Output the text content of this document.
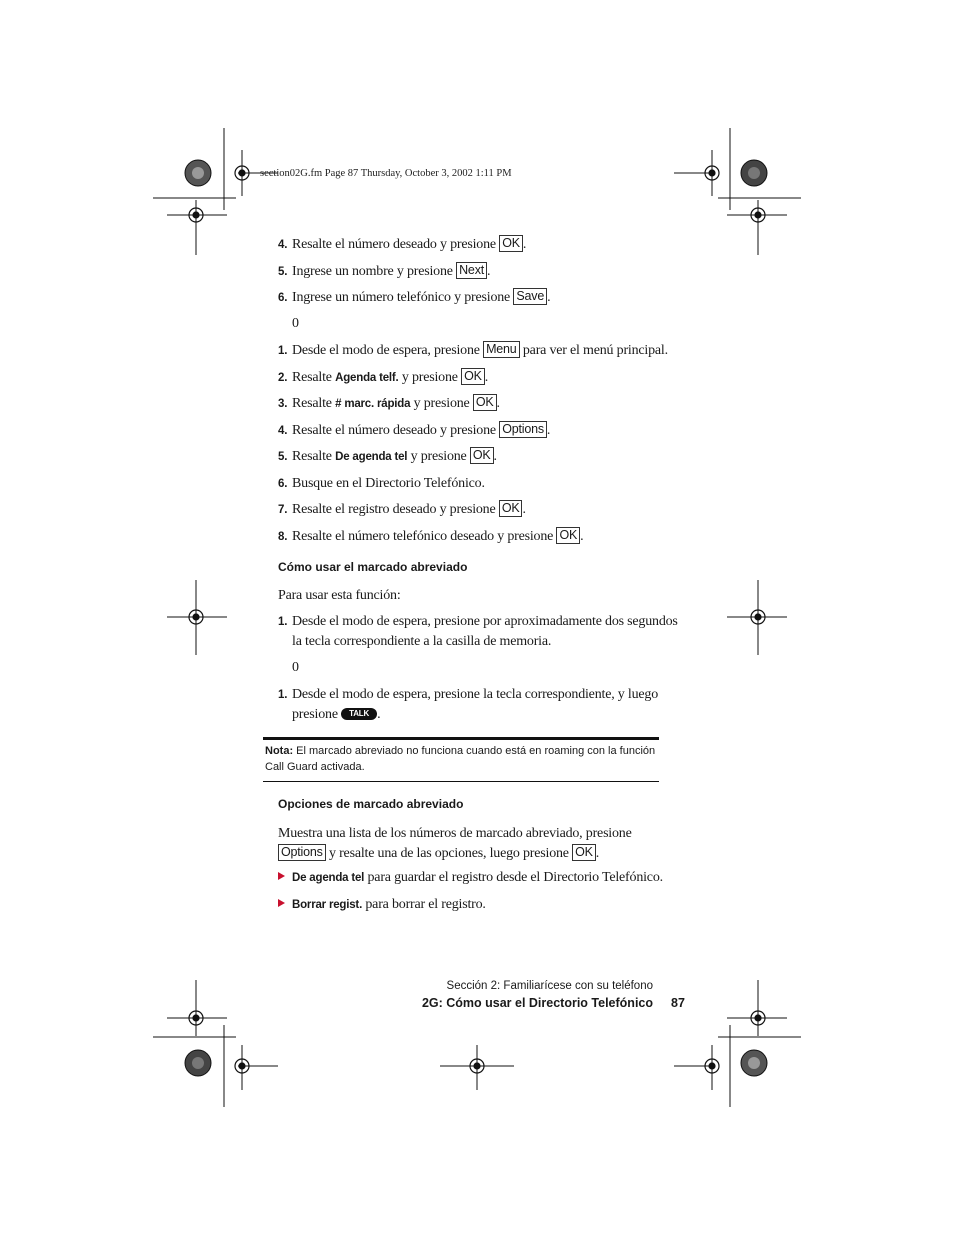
section02G.fm Page 87 Thursday, October 3, 2002 1:11 PM
4. Resalte el número deseado y presione OK .
5. Ingrese un nombre y presione Next .
6. Ingrese un número telefónico y presione Save .
0
1. Desde el modo de espera, presione Menu para ver el menú principal.
2. Resalte Agenda telf. y presione OK .
3. Resalte # marc. rápida y presione OK .
4. Resalte el número deseado y presione Options .
5. Resalte De agenda tel y presione OK .
6. Busque en el Directorio Telefónico.
7. Resalte el registro deseado y presione OK .
8. Resalte el número telefónico deseado y presione OK .
Cómo usar el marcado abreviado
Para usar esta función:
1. Desde el modo de espera, presione por aproximadamente dos segundos
la tecla correspondiente a la casilla de memoria.
0
1. Desde el modo de espera, presione la tecla correspondiente, y luego
presione TALK .
Nota: El marcado abreviado no funciona cuando está en roaming con la función Call Guard activada.
Opciones de marcado abreviado
Muestra una lista de los números de marcado abreviado, presione
Options y resalte una de las opciones, luego presione OK .
De agenda tel para guardar el registro desde el Directorio Telefónico.
Borrar regist. para borrar el registro.
Sección 2: Familiarícese con su teléfono
2G: Cómo usar el Directorio Telefónico 87
